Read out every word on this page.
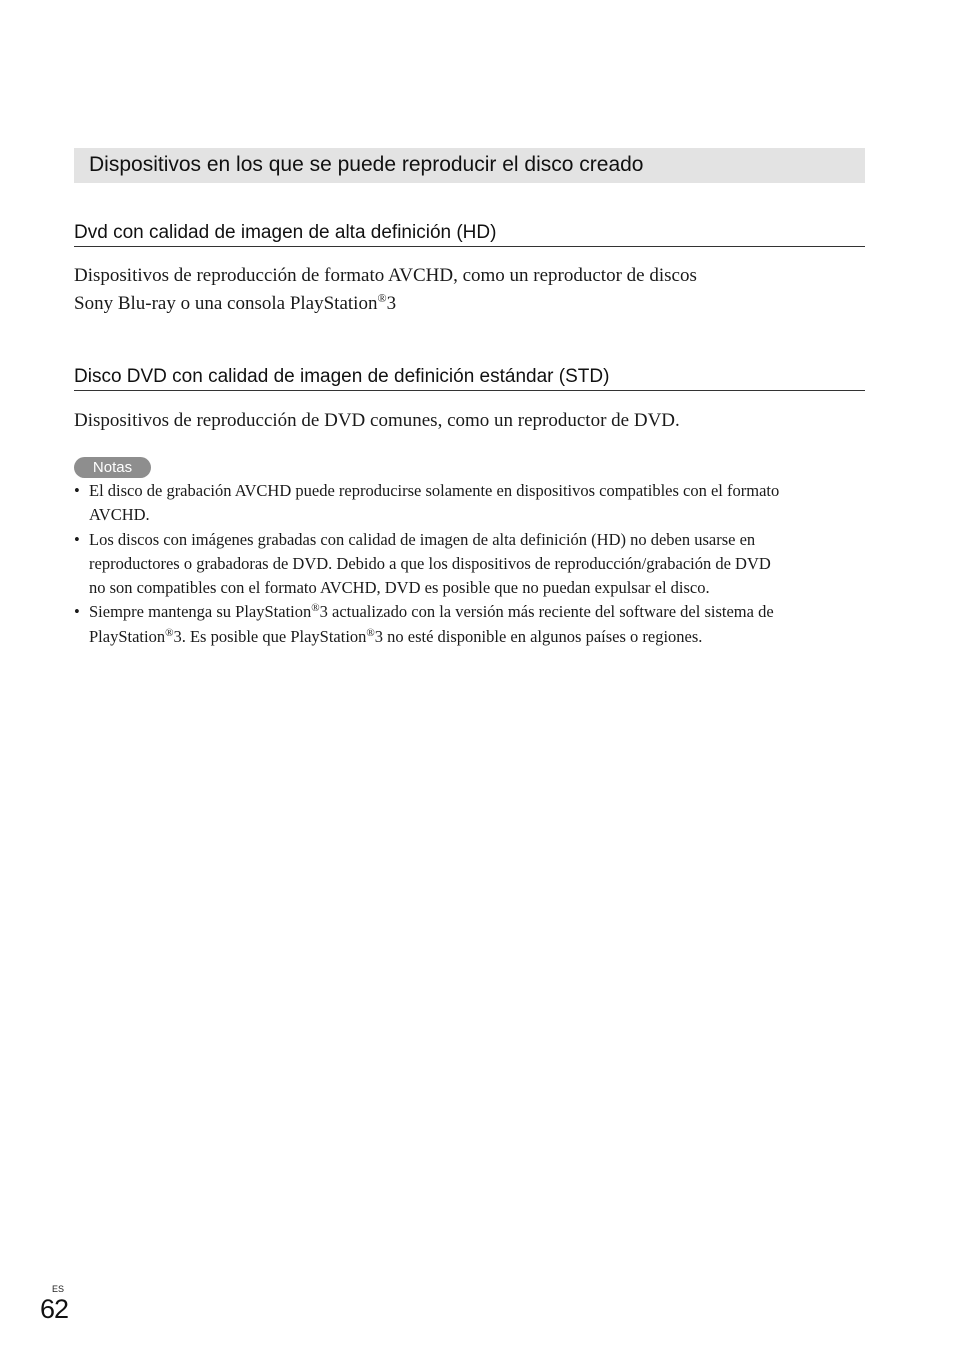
Dispositivos en los que se puede reproducir el disco creado
Dvd con calidad de imagen de alta definición (HD)
Dispositivos de reproducción de formato AVCHD, como un reproductor de discos
Sony Blu-ray o una consola PlayStation®3
Disco DVD con calidad de imagen de definición estándar (STD)
Dispositivos de reproducción de DVD comunes, como un reproductor de DVD.
Notas
• El disco de grabación AVCHD puede reproducirse solamente en dispositivos compatibles con el formato
AVCHD.
• Los discos con imágenes grabadas con calidad de imagen de alta definición (HD) no deben usarse en
reproductores o grabadoras de DVD. Debido a que los dispositivos de reproducción/grabación de DVD
no son compatibles con el formato AVCHD, DVD es posible que no puedan expulsar el disco.
• Siempre mantenga su PlayStation®3 actualizado con la versión más reciente del software del sistema de
PlayStation®3. Es posible que PlayStation®3 no esté disponible en algunos países o regiones.
ES
62
